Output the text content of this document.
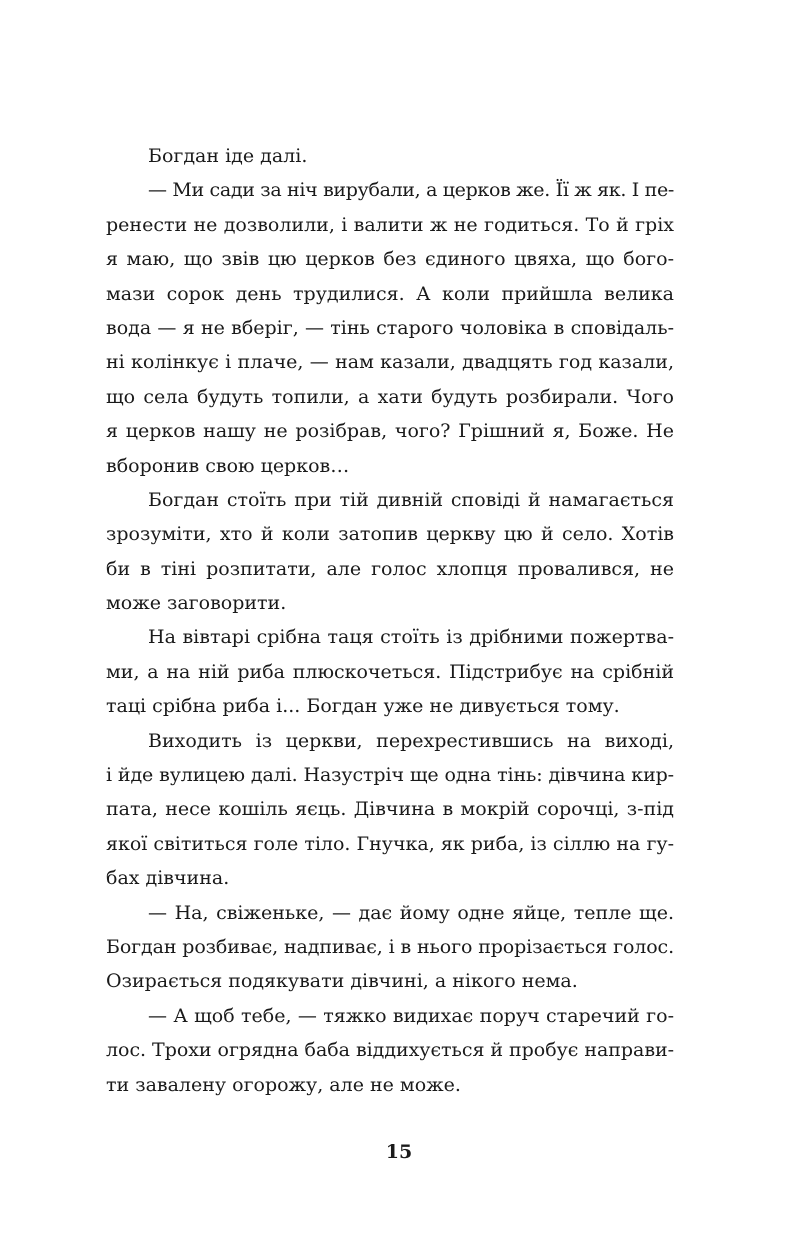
Богдан іде далі.
— Ми сади за ніч вирубали, а церков же. Її ж як. І пе-
ренести не дозволили, і валити ж не годиться. То й гріх
я маю, що звів цю церков без єдиного цвяха, що бого-
мази сорок день трудилися. А коли прийшла велика
вода — я не вберіг, — тінь старого чоловіка в сповідаль-
ні колінкує і плаче, — нам казали, двадцять год казали,
що села будуть топили, а хати будуть розбирали. Чого
я церков нашу не розібрав, чого? Грішний я, Боже. Не
вборонив свою церков…
Богдан стоїть при тій дивній сповіді й намагається
зрозуміти, хто й коли затопив церкву цю й село. Хотів
би в тіні розпитати, але голос хлопця провалився, не
може заговорити.
На вівтарі срібна таця стоїть із дрібними пожертва-
ми, а на ній риба плюскочеться. Підстрибує на срібній
таці срібна риба і... Богдан уже не дивується тому.
Виходить із церкви, перехрестившись на виході,
і йде вулицею далі. Назустріч ще одна тінь: дівчина кир-
пата, несе кошіль яєць. Дівчина в мокрій сорочці, з-під
якої світиться голе тіло. Гнучка, як риба, із сіллю на гу-
бах дівчина.
— На, свіженьке, — дає йому одне яйце, тепле ще.
Богдан розбиває, надпиває, і в нього прорізається голос.
Озирається подякувати дівчині, а нікого нема.
— А щоб тебе, — тяжко видихає поруч старечий го-
лос. Трохи огрядна баба віддихується й пробує направи-
ти завалену огорожу, але не може.
15
